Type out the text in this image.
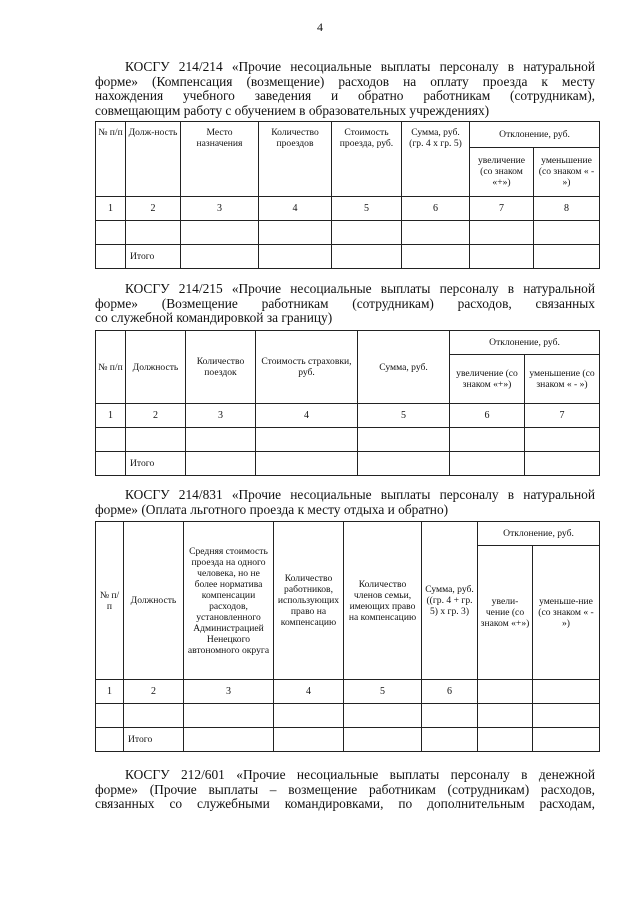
4

КОСГУ 214/214 «Прочие несоциальные выплаты персоналу в натуральной
форме» (Компенсация (возмещение) расходов на оплату проезда к месту
нахождения учебного заведения и обратно работникам (сотрудникам),
совмещающим работу с обучением в образовательных учреждениях)

№ п/п	Долж-ность	Место назначения	Количество проездов	Стоимость проезда, руб.	Сумма, руб. (гр. 4 х гр. 5)	Отклонение, руб.	
						увеличение (со знаком «+»)	уменьшение (со знаком « - »)
1	2	3	4	5	6	7	8

	Итого						

КОСГУ 214/215 «Прочие несоциальные выплаты персоналу в натуральной
форме» (Возмещение работникам (сотрудникам) расходов, связанных
со служебной командировкой за границу)

№ п/п	Должность	Количество поездок	Стоимость страховки, руб.	Сумма, руб.	Отклонение, руб.	
					увеличение (со знаком «+»)	уменьшение (со знаком « - »)
1	2	3	4	5	6	7

	Итого					

КОСГУ 214/831 «Прочие несоциальные выплаты персоналу в натуральной
форме» (Оплата льготного проезда к месту отдыха и обратно)

№ п/п	Должность	Средняя стоимость проезда на одного человека, но не более норматива компенсации расходов, установленного Администрацией Ненецкого автономного округа	Количество работников, использующих право на компенсацию	Количество членов семьи, имеющих право на компенсацию	Сумма, руб. ((гр. 4 + гр. 5) х гр. 3)	Отклонение, руб.	
						увели-чение (со знаком «+»)	уменьше-ние (со знаком « - »)
1	2	3	4	5	6		

	Итого						

КОСГУ 212/601 «Прочие несоциальные выплаты персоналу в денежной
форме» (Прочие выплаты – возмещение работникам (сотрудникам) расходов,
связанных со служебными командировками, по дополнительным расходам,
